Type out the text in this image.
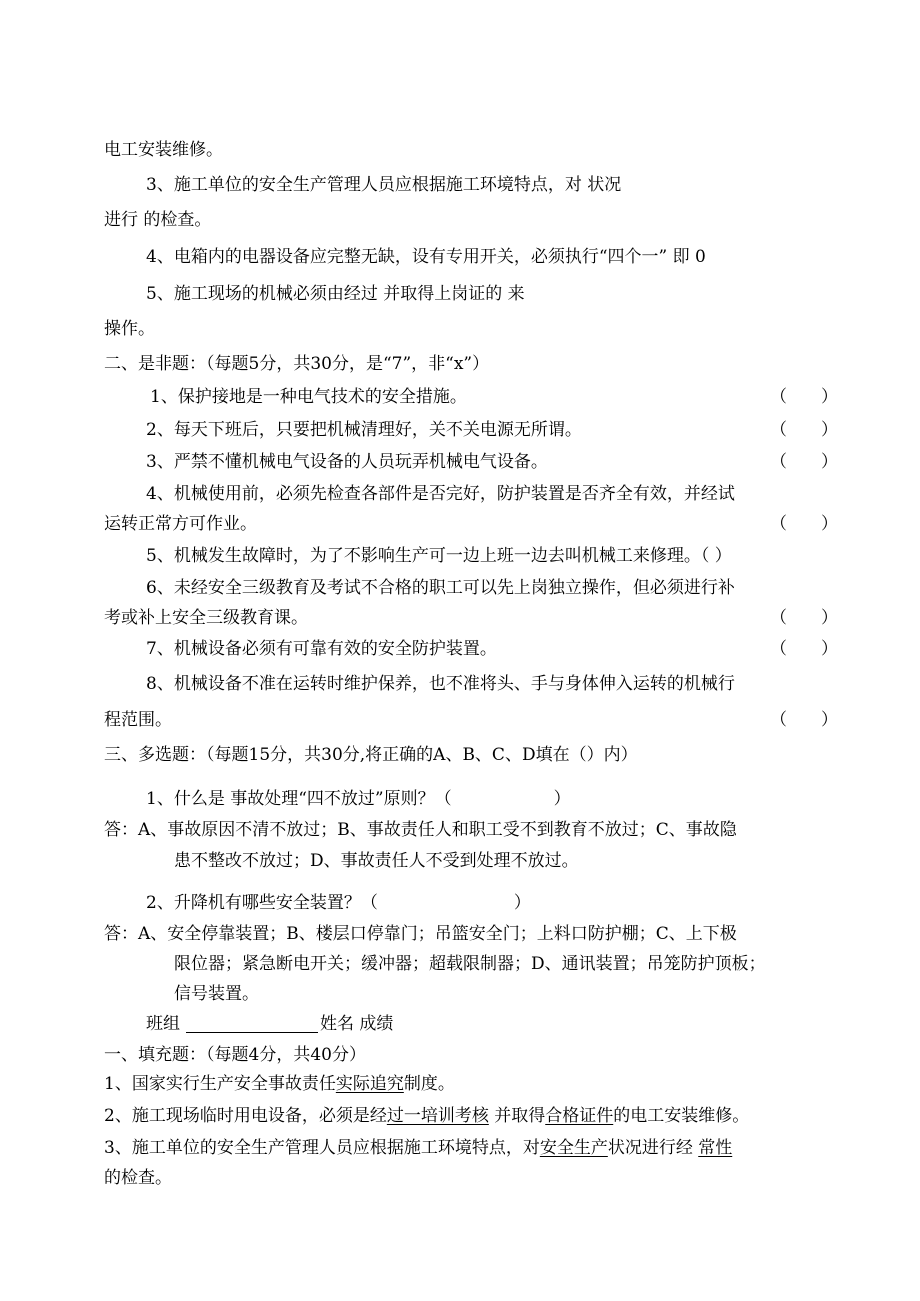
电工安装维修。
3、施工单位的安全生产管理人员应根据施工环境特点，对 状况
进行 的检查。
4、电箱内的电器设备应完整无缺，设有专用开关，必须执行“四个一” 即 0
5、施工现场的机械必须由经过 并取得上岗证的 来
操作。
二、是非题：（每题5分，共30分，是“7”，非“x”）
1、保护接地是一种电气技术的安全措施。	（　　）
2、每天下班后，只要把机械清理好，关不关电源无所谓。	（　　）
3、严禁不懂机械电气设备的人员玩弄机械电气设备。	（　　）
4、机械使用前，必须先检查各部件是否完好，防护装置是否齐全有效，并经试
运转正常方可作业。	（　　）
5、机械发生故障时，为了不影响生产可一边上班一边去叫机械工来修理。（ ）
6、未经安全三级教育及考试不合格的职工可以先上岗独立操作，但必须进行补
考或补上安全三级教育课。	（　　）
7、机械设备必须有可靠有效的安全防护装置。	（　　）
8、机械设备不准在运转时维护保养，也不准将头、手与身体伸入运转的机械行
程范围。	（　　）
三、多选题：（每题15分，共30分,将正确的A、B、C、D填在（）内）
1、什么是 事故处理“四不放过”原则？（　　　　　　）
答：A、事故原因不清不放过；B、事故责任人和职工受不到教育不放过；C、事故隐
患不整改不放过；D、事故责任人不受到处理不放过。
2、升降机有哪些安全装置？（　　　　　　　　）
答：A、安全停靠装置；B、楼层口停靠门；吊篮安全门；上料口防护棚；C、上下极
限位器；紧急断电开关；缓冲器；超载限制器；D、通讯装置；吊笼防护顶板；
信号装置。
班组	姓名 成绩
一、填充题：（每题4分，共40分）
1、国家实行生产安全事故责任实际追究制度。
2、施工现场临时用电设备，必须是经过一培训考核 并取得合格证件的电工安装维修。
3、施工单位的安全生产管理人员应根据施工环境特点，对安全生产状况进行经 常性
的检查。
